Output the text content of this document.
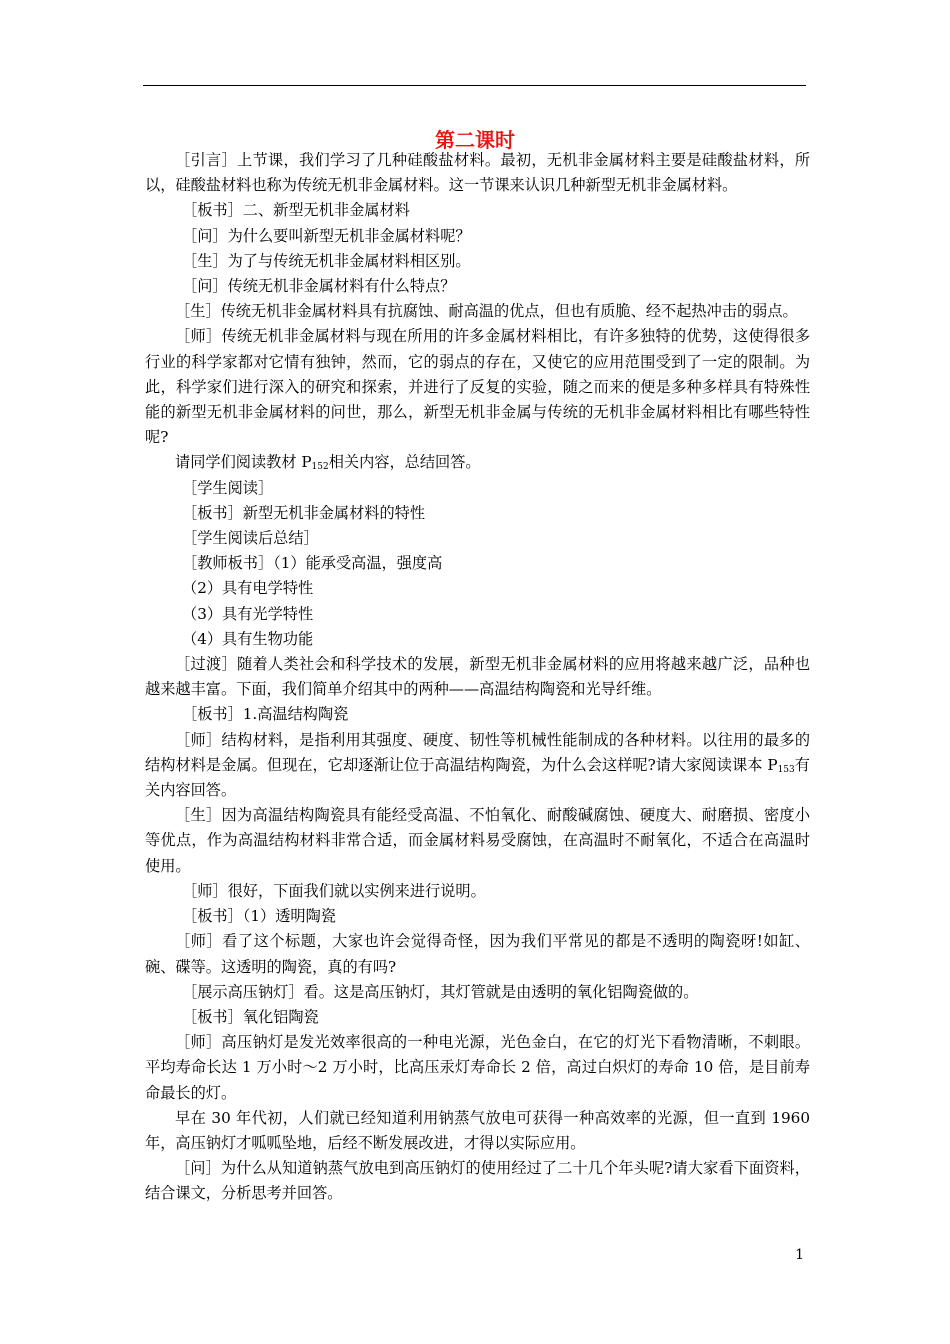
第二课时

［引言］上节课，我们学习了几种硅酸盐材料。最初，无机非金属材料主要是硅酸盐材料，所以，硅酸盐材料也称为传统无机非金属材料。这一节课来认识几种新型无机非金属材料。

［板书］二、新型无机非金属材料

［问］为什么要叫新型无机非金属材料呢？

［生］为了与传统无机非金属材料相区别。

［问］传统无机非金属材料有什么特点？

［生］传统无机非金属材料具有抗腐蚀、耐高温的优点，但也有质脆、经不起热冲击的弱点。

［师］传统无机非金属材料与现在所用的许多金属材料相比，有许多独特的优势，这使得很多行业的科学家都对它情有独钟，然而，它的弱点的存在，又使它的应用范围受到了一定的限制。为此，科学家们进行深入的研究和探索，并进行了反复的实验，随之而来的便是多种多样具有特殊性能的新型无机非金属材料的问世，那么，新型无机非金属与传统的无机非金属材料相比有哪些特性呢?

请同学们阅读教材 $P_{152}$相关内容，总结回答。

［学生阅读］

［板书］新型无机非金属材料的特性

［学生阅读后总结］

［教师板书］（1）能承受高温，强度高

（2）具有电学特性

（3）具有光学特性

（4）具有生物功能

［过渡］随着人类社会和科学技术的发展，新型无机非金属材料的应用将越来越广泛，品种也越来越丰富。下面，我们简单介绍其中的两种——高温结构陶瓷和光导纤维。

［板书］1.高温结构陶瓷

［师］结构材料，是指利用其强度、硬度、韧性等机械性能制成的各种材料。以往用的最多的结构材料是金属。但现在，它却逐渐让位于高温结构陶瓷，为什么会这样呢?请大家阅读课本 $P_{153}$有关内容回答。

［生］因为高温结构陶瓷具有能经受高温、不怕氧化、耐酸碱腐蚀、硬度大、耐磨损、密度小等优点，作为高温结构材料非常合适，而金属材料易受腐蚀，在高温时不耐氧化，不适合在高温时使用。

［师］很好，下面我们就以实例来进行说明。

［板书］（1）透明陶瓷

［师］看了这个标题，大家也许会觉得奇怪，因为我们平常见的都是不透明的陶瓷呀!如缸、碗、碟等。这透明的陶瓷，真的有吗?

［展示高压钠灯］看。这是高压钠灯，其灯管就是由透明的氧化铝陶瓷做的。

［板书］氧化铝陶瓷

［师］高压钠灯是发光效率很高的一种电光源，光色金白，在它的灯光下看物清晰，不刺眼。平均寿命长达 1 万小时～2 万小时，比高压汞灯寿命长 2 倍，高过白炽灯的寿命 10 倍，是目前寿命最长的灯。

早在 30 年代初，人们就已经知道利用钠蒸气放电可获得一种高效率的光源，但一直到 1960 年，高压钠灯才呱呱坠地，后经不断发展改进，才得以实际应用。

［问］为什么从知道钠蒸气放电到高压钠灯的使用经过了二十几个年头呢?请大家看下面资料，结合课文，分析思考并回答。

1
